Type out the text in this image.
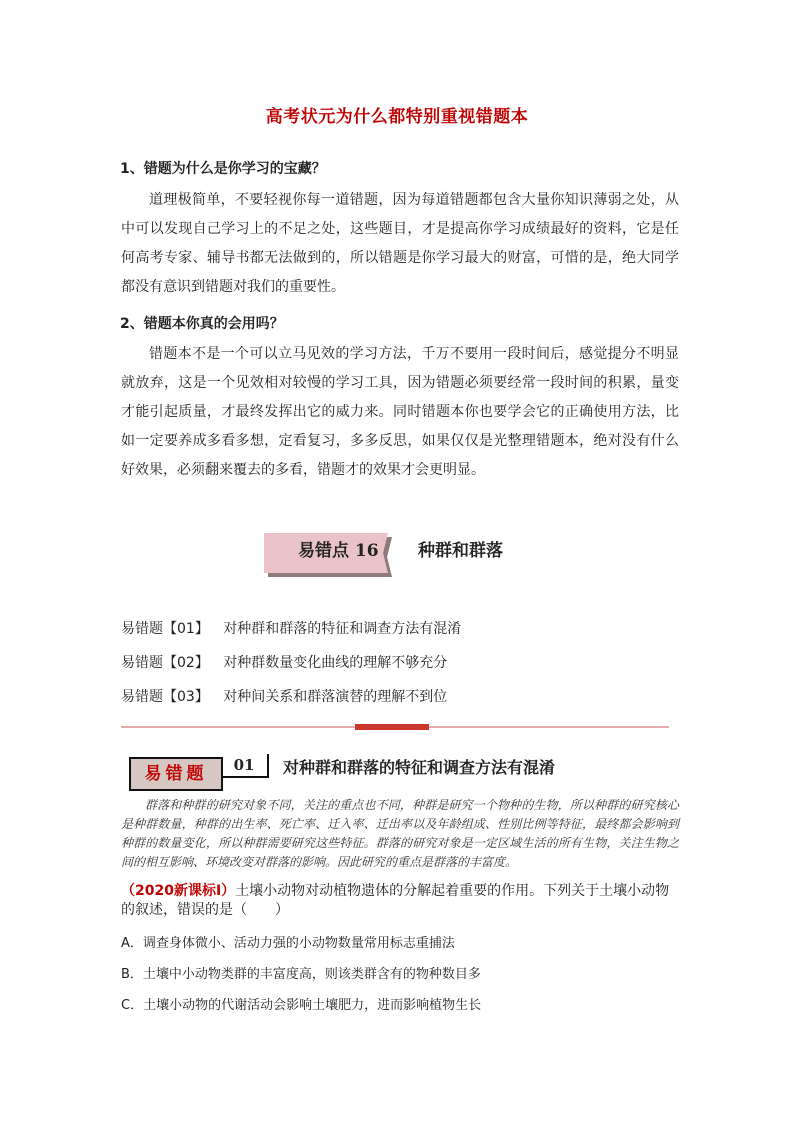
高考状元为什么都特别重视错题本
1、错题为什么是你学习的宝藏？

道理极简单，不要轻视你每一道错题，因为每道错题都包含大量你知识薄弱之处，从中可以发现自己学习上的不足之处，这些题目，才是提高你学习成绩最好的资料，它是任何高考专家、辅导书都无法做到的，所以错题是你学习最大的财富，可惜的是，绝大同学都没有意识到错题对我们的重要性。

2、错题本你真的会用吗？

错题本不是一个可以立马见效的学习方法，千万不要用一段时间后，感觉提分不明显就放弃，这是一个见效相对较慢的学习工具，因为错题必须要经常一段时间的积累，量变才能引起质量，才最终发挥出它的威力来。同时错题本你也要学会它的正确使用方法，比如一定要养成多看多想，定看复习，多多反思，如果仅仅是光整理错题本，绝对没有什么好效果，必须翻来覆去的多看，错题才的效果才会更明显。

易错点 16 种群和群落
易错题【01】 对种群和群落的特征和调查方法有混淆
易错题【02】 对种群数量变化曲线的理解不够充分
易错题【03】 对种间关系和群落演替的理解不到位
易错题	01	对种群和群落的特征和调查方法有混淆

群落和种群的研究对象不同，关注的重点也不同，种群是研究一个物种的生物，所以种群的研究核心是种群数量，种群的出生率、死亡率、迁入率、迁出率以及年龄组成、性别比例等特征，最终都会影响到种群的数量变化，所以种群需要研究这些特征。群落的研究对象是一定区域生活的所有生物，关注生物之间的相互影响、环境改变对群落的影响。因此研究的重点是群落的丰富度。

（2020新课标Ⅰ）土壤小动物对动植物遗体的分解起着重要的作用。下列关于土壤小动物的叙述，错误的是（　　）

A．调查身体微小、活动力强的小动物数量常用标志重捕法
B．土壤中小动物类群的丰富度高，则该类群含有的物种数目多
C．土壤小动物的代谢活动会影响土壤肥力，进而影响植物生长
